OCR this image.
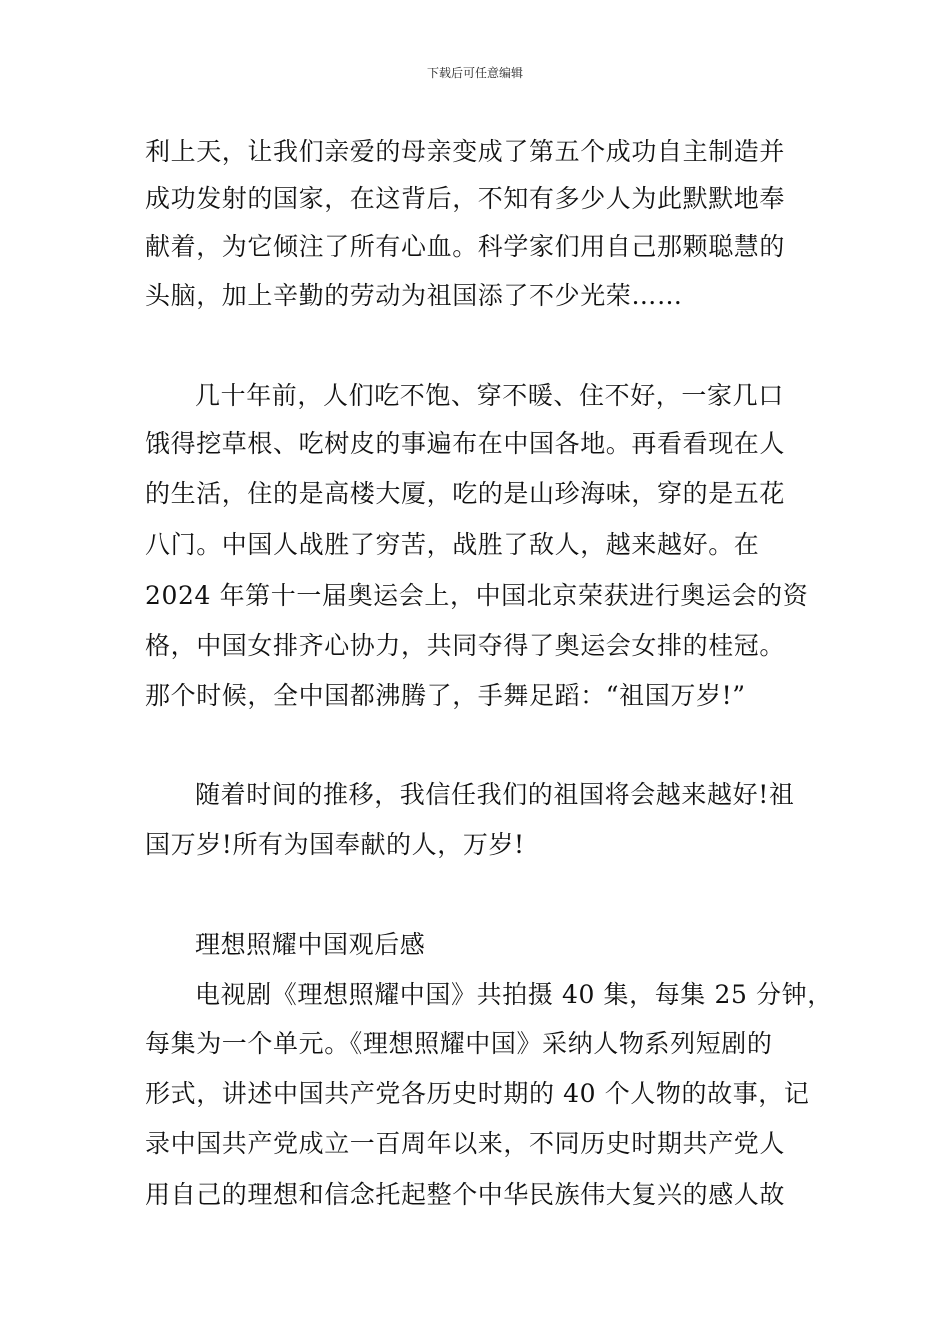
下载后可任意编辑
利上天，让我们亲爱的母亲变成了第五个成功自主制造并
成功发射的国家，在这背后，不知有多少人为此默默地奉
献着，为它倾注了所有心血。科学家们用自己那颗聪慧的
头脑，加上辛勤的劳动为祖国添了不少光荣……
几十年前，人们吃不饱、穿不暖、住不好，一家几口
饿得挖草根、吃树皮的事遍布在中国各地。再看看现在人
的生活，住的是高楼大厦，吃的是山珍海味，穿的是五花
八门。中国人战胜了穷苦，战胜了敌人，越来越好。在
2024 年第十一届奥运会上，中国北京荣获进行奥运会的资
格，中国女排齐心协力，共同夺得了奥运会女排的桂冠。
那个时候，全中国都沸腾了，手舞足蹈：“祖国万岁!”
随着时间的推移，我信任我们的祖国将会越来越好!祖
国万岁!所有为国奉献的人，万岁!
理想照耀中国观后感
电视剧《理想照耀中国》共拍摄 40 集，每集 25 分钟，
每集为一个单元。《理想照耀中国》采纳人物系列短剧的
形式，讲述中国共产党各历史时期的 40 个人物的故事，记
录中国共产党成立一百周年以来，不同历史时期共产党人
用自己的理想和信念托起整个中华民族伟大复兴的感人故
